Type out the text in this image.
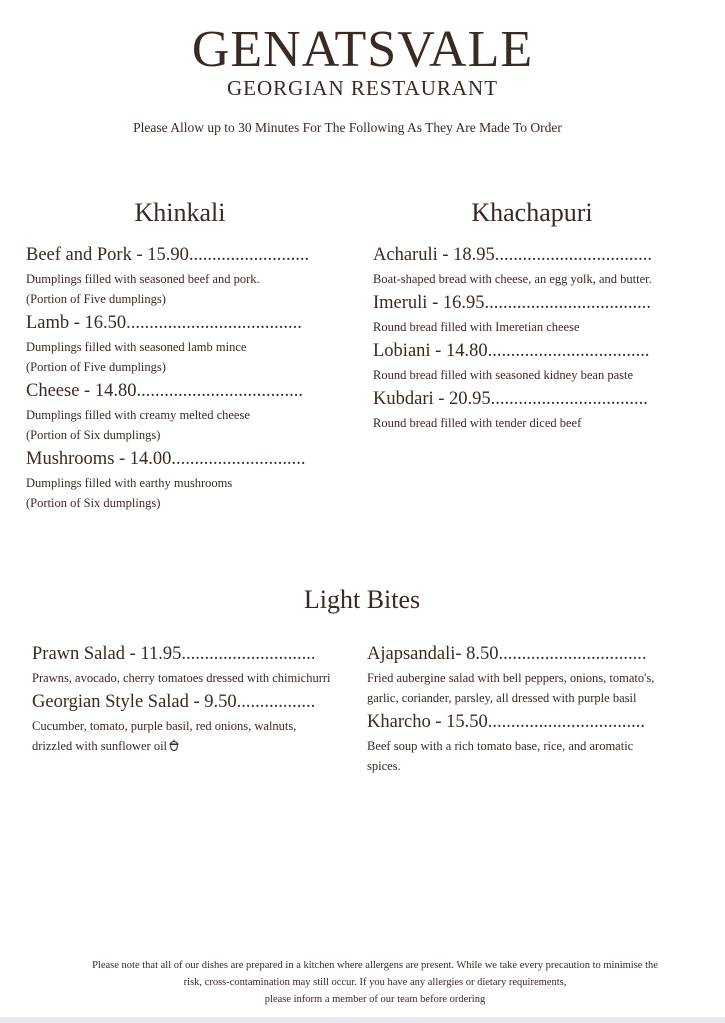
GENATSVALE
GEORGIAN RESTAURANT
Please Allow up to 30 Minutes For The Following As They Are Made To Order
Khinkali
Beef and Pork - 15.90..........................
Dumplings filled with seasoned beef and pork.
(Portion of Five dumplings)
Lamb - 16.50......................................
Dumplings filled with seasoned lamb mince
(Portion of Five dumplings)
Cheese - 14.80....................................
Dumplings filled with creamy melted cheese
(Portion of Six dumplings)
Mushrooms - 14.00.............................
Dumplings filled with earthy mushrooms
(Portion of Six dumplings)
Khachapuri
Acharuli - 18.95..................................
Boat-shaped bread with cheese, an egg yolk, and butter.
Imeruli - 16.95....................................
Round bread filled with Imeretian cheese
Lobiani - 14.80...................................
Round bread filled with seasoned kidney bean paste
Kubdari - 20.95..................................
Round bread filled with tender diced beef
Light Bites
Prawn Salad - 11.95.............................
Prawns, avocado, cherry tomatoes dressed with chimichurri
Georgian Style Salad - 9.50.................
Cucumber, tomato, purple basil, red onions, walnuts,
drizzled with sunflower oil
Ajapsandali- 8.50................................
Fried aubergine salad with bell peppers, onions, tomato's,
garlic, coriander, parsley, all dressed with purple basil
Kharcho - 15.50..................................
Beef soup with a rich tomato base, rice, and aromatic
spices.
Please note that all of our dishes are prepared in a kitchen where allergens are present. While we take every precaution to minimise the
risk, cross-contamination may still occur. If you have any allergies or dietary requirements,
please inform a member of our team before ordering
